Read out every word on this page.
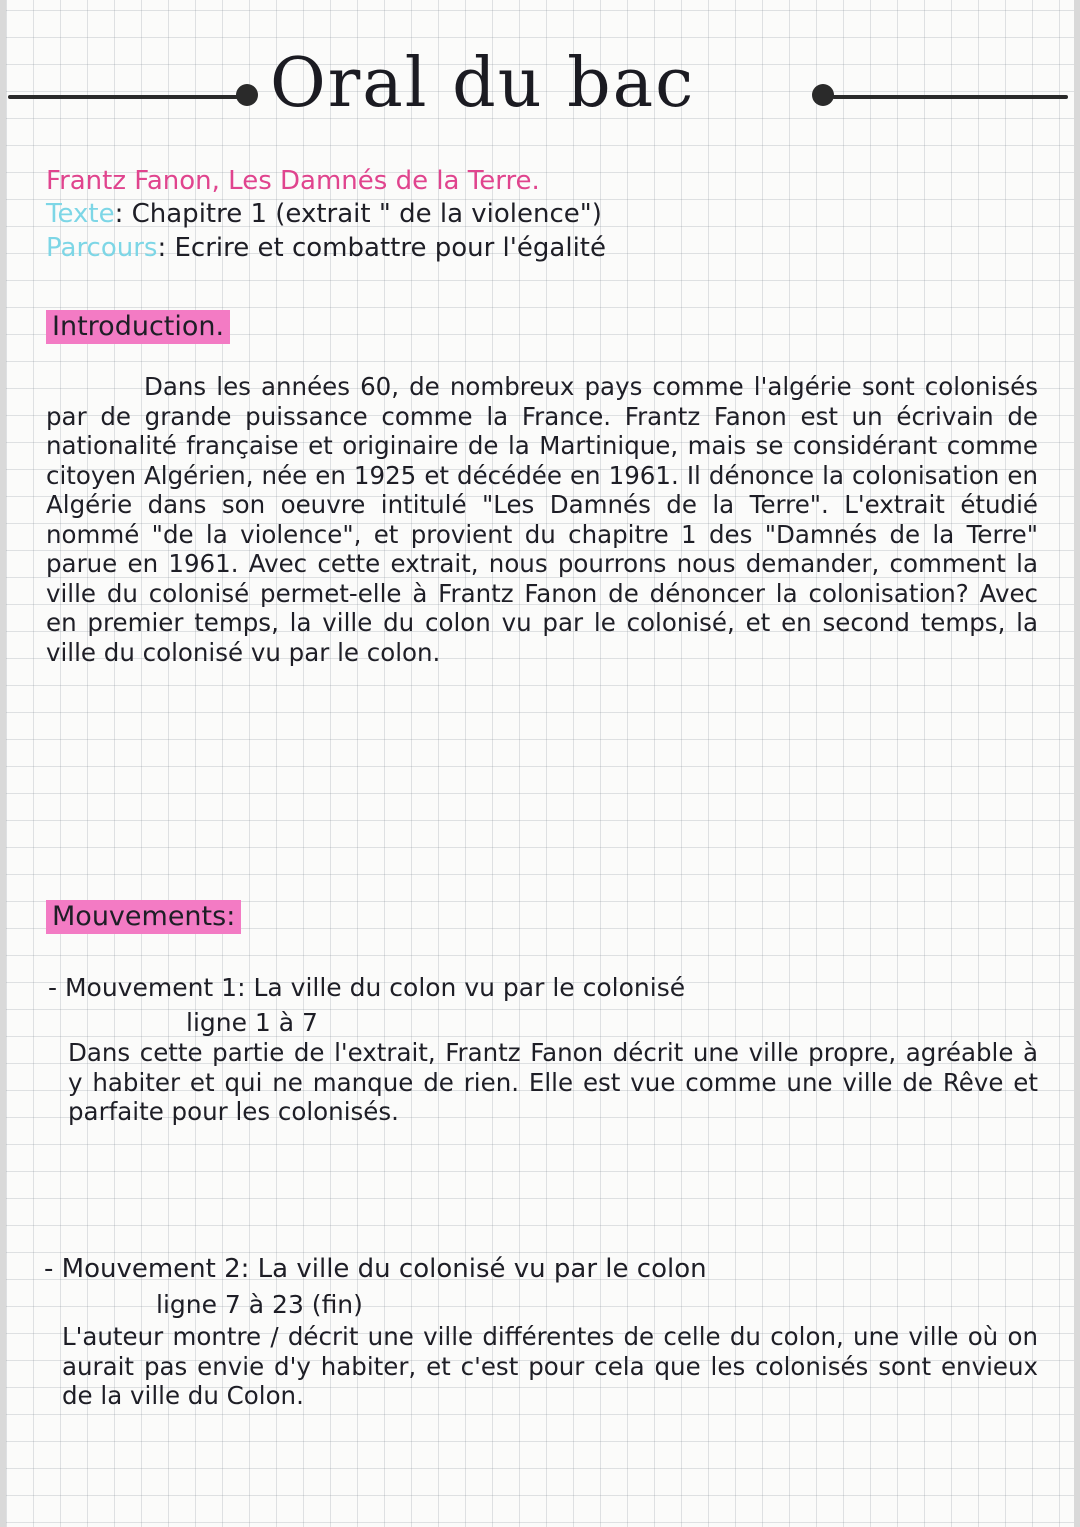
Oral du bac
Frantz Fanon, Les Damnés de la Terre.
Texte: Chapitre 1 (extrait " de la violence")
Parcours: Ecrire et combattre pour l'égalité
Introduction.
Dans les années 60, de nombreux pays comme l'algérie sont colonisés par de grande puissance comme la France. Frantz Fanon est un écrivain de nationalité française et originaire de la Martinique, mais se considérant comme citoyen Algérien, née en 1925 et décédée en 1961. Il dénonce la colonisation en Algérie dans son oeuvre intitulé "Les Damnés de la Terre". L'extrait étudié nommé "de la violence", et provient du chapitre 1 des "Damnés de la Terre" parue en 1961. Avec cette extrait, nous pourrons nous demander, comment la ville du colonisé permet-elle à Frantz Fanon de dénoncer la colonisation? Avec en premier temps, la ville du colon vu par le colonisé, et en second temps, la ville du colonisé vu par le colon.
Mouvements:
- Mouvement 1: La ville du colon vu par le colonisé
ligne 1 à 7
Dans cette partie de l'extrait, Frantz Fanon décrit une ville propre, agréable à y habiter et qui ne manque de rien. Elle est vue comme une ville de Rêve et parfaite pour les colonisés.
- Mouvement 2: La ville du colonisé vu par le colon
ligne 7 à 23 (fin)
L'auteur montre / décrit une ville différentes de celle du colon, une ville où on aurait pas envie d'y habiter, et c'est pour cela que les colonisés sont envieux de la ville du Colon.
